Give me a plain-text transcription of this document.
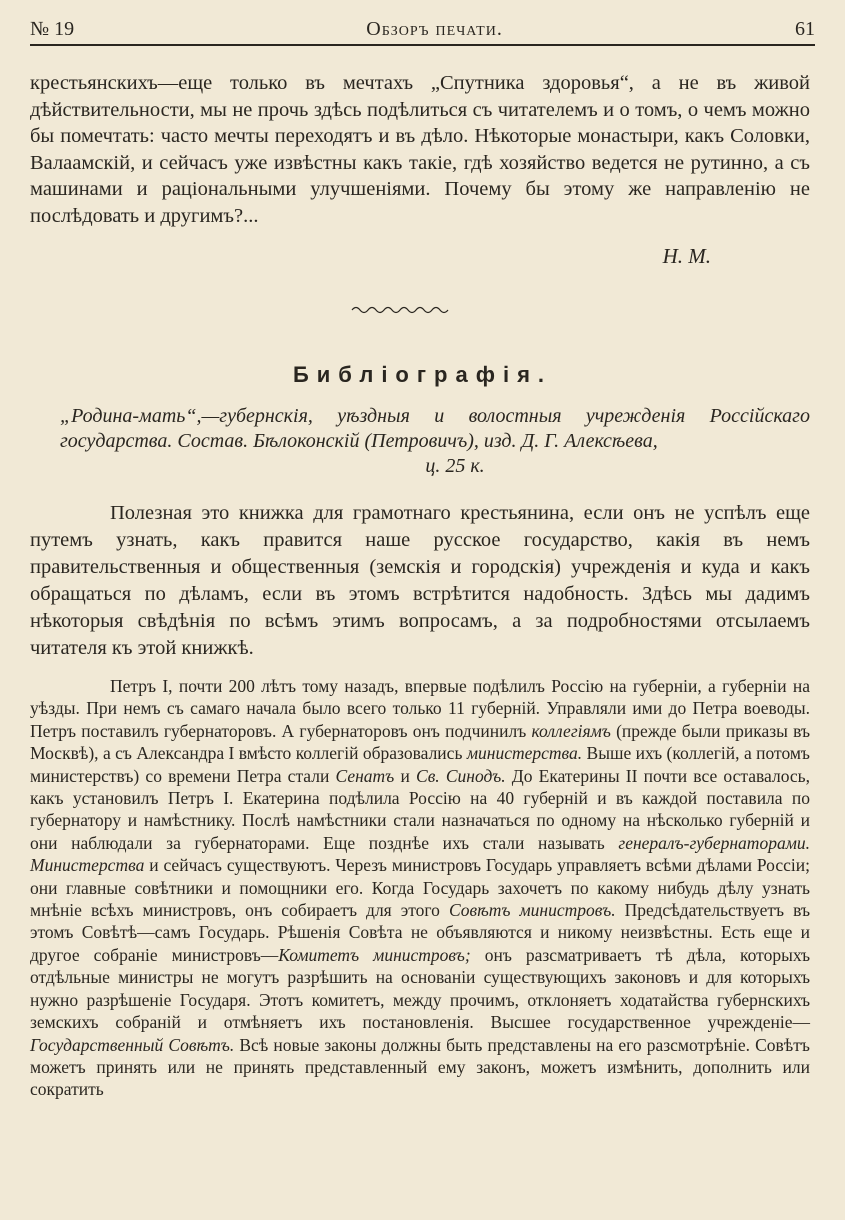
№ 19	Обзоръ печати.	61

крестьянскихъ—еще только въ мечтахъ „Спутника здоровья“, а не въ живой дѣйствительности, мы не прочь здѣсь подѣлиться съ читателемъ и о томъ, о чемъ можно бы помечтать: часто мечты переходятъ и въ дѣло. Нѣкоторые монастыри, какъ Соловки, Валаамскій, и сейчасъ уже извѣстны какъ такіе, гдѣ хозяйство ведется не рутинно, а съ машинами и раціональными улучшеніями. Почему бы этому же направленію не послѣдовать и другимъ?...

Н. М.
Библіографія.
„Родина-мать“,—губернскія, уѣздныя и волостныя учрежденія Россійскаго государства. Состав. Бѣлоконскій (Петровичъ), изд. Д. Г. Алексѣева,
ц. 25 к.

Полезная это книжка для грамотнаго крестьянина, если онъ не успѣлъ еще путемъ узнать, какъ правится наше русское государство, какія въ немъ правительственныя и общественныя (земскія и городскія) учрежденія и куда и какъ обращаться по дѣламъ, если въ этомъ встрѣтится надобность. Здѣсь мы дадимъ нѣкоторыя свѣдѣнія по всѣмъ этимъ вопросамъ, а за подробностями отсылаемъ читателя къ этой книжкѣ.

Петръ I, почти 200 лѣтъ тому назадъ, впервые подѣлилъ Россію на губерніи, а губерніи на уѣзды. При немъ съ самаго начала было всего только 11 губерній. Управляли ими до Петра воеводы. Петръ поставилъ губернаторовъ. А губернаторовъ онъ подчинилъ коллегіямъ (прежде были приказы въ Москвѣ), а съ Александра I вмѣсто коллегій образовались министерства. Выше ихъ (коллегій, а потомъ министерствъ) со времени Петра стали Сенатъ и Св. Синодъ. До Екатерины II почти все оставалось, какъ установилъ Петръ I. Екатерина подѣлила Россію на 40 губерній и въ каждой поставила по губернатору и намѣстнику. Послѣ намѣстники стали назначаться по одному на нѣсколько губерній и они наблюдали за губернаторами. Еще позднѣе ихъ стали называть генералъ-губернаторами. Министерства и сейчасъ существуютъ. Черезъ министровъ Государь управляетъ всѣми дѣлами Россіи; они главные совѣтники и помощники его. Когда Государь захочетъ по какому нибудь дѣлу узнать мнѣніе всѣхъ министровъ, онъ собираетъ для этого Совѣтъ министровъ. Предсѣдательствуетъ въ этомъ Совѣтѣ—самъ Государь. Рѣшенія Совѣта не объявляются и никому неизвѣстны. Есть еще и другое собраніе министровъ—Комитетъ министровъ; онъ разсматриваетъ тѣ дѣла, которыхъ отдѣльные министры не могутъ разрѣшить на основаніи существующихъ законовъ и для которыхъ нужно разрѣшеніе Государя. Этотъ комитетъ, между прочимъ, отклоняетъ ходатайства губернскихъ земскихъ собраній и отмѣняетъ ихъ постановленія. Высшее государственное учрежденіе—Государственный Совѣтъ. Всѣ новые законы должны быть представлены на его разсмотрѣніе. Совѣтъ можетъ принять или не принять представленный ему законъ, можетъ измѣнить, дополнить или сократить
